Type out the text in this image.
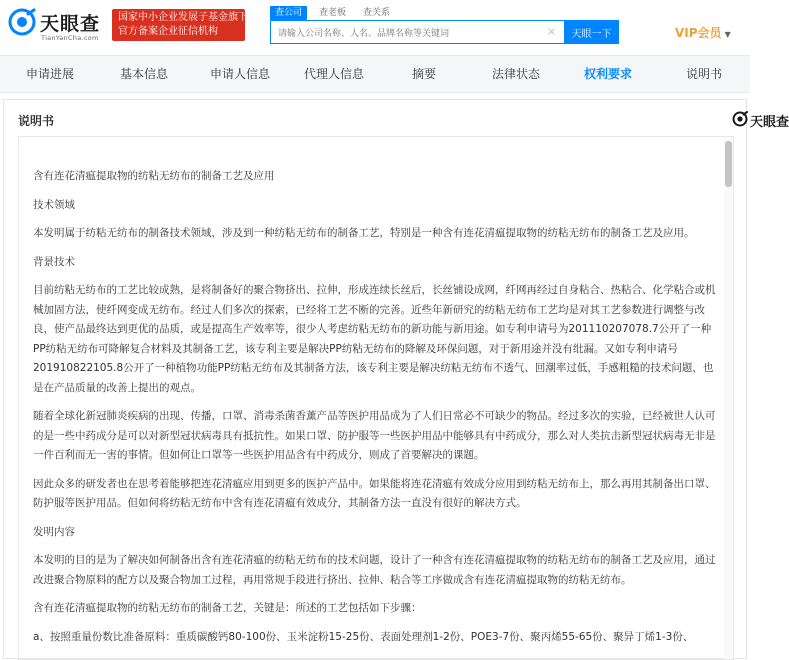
天眼查
TianYanCha.com
国家中小企业发展子基金旗下
官方备案企业征信机构
查公司	查老板 查关系
请输入公司名称、人名、品牌名称等关键词
×	天眼一下	VIP会员 ▼
申请进展	基本信息	申请人信息	代理人信息	摘要	法律状态	权利要求	说明书
说明书	天眼查

含有连花清瘟提取物的纺粘无纺布的制备工艺及应用

技术领域

本发明属于纺粘无纺布的制备技术领域，涉及到一种纺粘无纺布的制备工艺，特别是一种含有连花清瘟提取物的纺粘无纺布的制备工艺及应用。

背景技术

目前纺粘无纺布的工艺比较成熟，是将制备好的聚合物挤出、拉伸，形成连续长丝后，长丝铺设成网，纤网再经过自身粘合、热粘合、化学粘合或机械加固方法，使纤网变成无纺布。经过人们多次的探索，已经将工艺不断的完善。近些年新研究的纺粘无纺布工艺均是对其工艺参数进行调整与改良，使产品最终达到更优的品质，或是提高生产效率等，很少人考虑纺粘无纺布的新功能与新用途。如专利申请号为201110207078.7公开了一种PP纺粘无纺布可降解复合材料及其制备工艺，该专利主要是解决PP纺粘无纺布的降解及环保问题，对于新用途并没有纰漏。又如专利申请号201910822105.8公开了一种植物功能PP纺粘无纺布及其制备方法，该专利主要是解决纺粘无纺布不透气、回潮率过低，手感粗糙的技术问题，也是在产品质量的改善上提出的观点。

随着全球化新冠肺炎疾病的出现、传播，口罩、消毒杀菌香薰产品等医护用品成为了人们日常必不可缺少的物品。经过多次的实验，已经被世人认可的是一些中药成分是可以对新型冠状病毒具有抵抗性。如果口罩、防护服等一些医护用品中能够具有中药成分，那么对人类抗击新型冠状病毒无非是一件百利而无一害的事情。但如何让口罩等一些医护用品含有中药成分，则成了首要解决的课题。

因此众多的研发者也在思考着能够把连花清瘟应用到更多的医护产品中。如果能将连花清瘟有效成分应用到纺粘无纺布上，那么再用其制备出口罩、防护服等医护用品。但如何将纺粘无纺布中含有连花清瘟有效成分，其制备方法一直没有很好的解决方式。

发明内容

本发明的目的是为了解决如何制备出含有连花清瘟的纺粘无纺布的技术问题，设计了一种含有连花清瘟提取物的纺粘无纺布的制备工艺及应用，通过改进聚合物原料的配方以及聚合物加工过程，再用常规手段进行挤出、拉伸、粘合等工序做成含有连花清瘟提取物的纺粘无纺布。

含有连花清瘟提取物的纺粘无纺布的制备工艺，关键是：所述的工艺包括如下步骤：

a、按照重量份数比准备原料：重质碳酸钙80-100份、玉米淀粉15-25份、表面处理剂1-2份、POE3-7份、聚丙烯55-65份、聚异丁烯1-3份、
